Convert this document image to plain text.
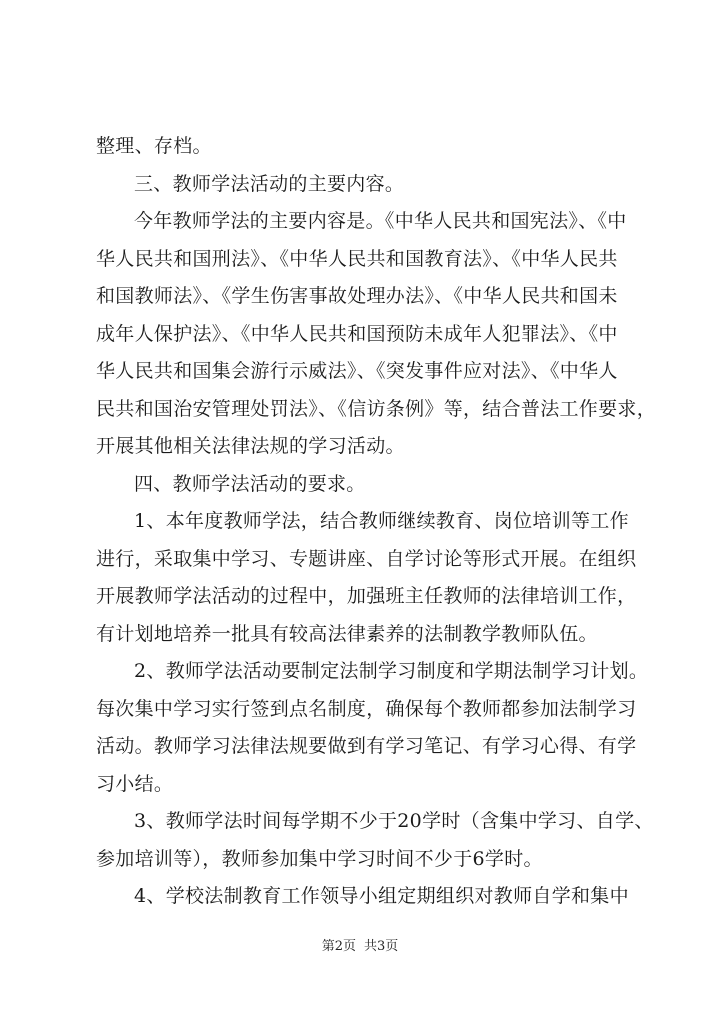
整理、存档。
三、教师学法活动的主要内容。
今年教师学法的主要内容是。《中华人民共和国宪法》、《中
华人民共和国刑法》、《中华人民共和国教育法》、《中华人民共
和国教师法》、《学生伤害事故处理办法》、《中华人民共和国未
成年人保护法》、《中华人民共和国预防未成年人犯罪法》、《中
华人民共和国集会游行示威法》、《突发事件应对法》、《中华人
民共和国治安管理处罚法》、《信访条例》等，结合普法工作要求，
开展其他相关法律法规的学习活动。
四、教师学法活动的要求。
1、本年度教师学法，结合教师继续教育、岗位培训等工作
进行，采取集中学习、专题讲座、自学讨论等形式开展。在组织
开展教师学法活动的过程中，加强班主任教师的法律培训工作，
有计划地培养一批具有较高法律素养的法制教学教师队伍。
2、教师学法活动要制定法制学习制度和学期法制学习计划。
每次集中学习实行签到点名制度，确保每个教师都参加法制学习
活动。教师学习法律法规要做到有学习笔记、有学习心得、有学
习小结。
3、教师学法时间每学期不少于20学时（含集中学习、自学、
参加培训等），教师参加集中学习时间不少于6学时。
4、学校法制教育工作领导小组定期组织对教师自学和集中
第2页 共3页
